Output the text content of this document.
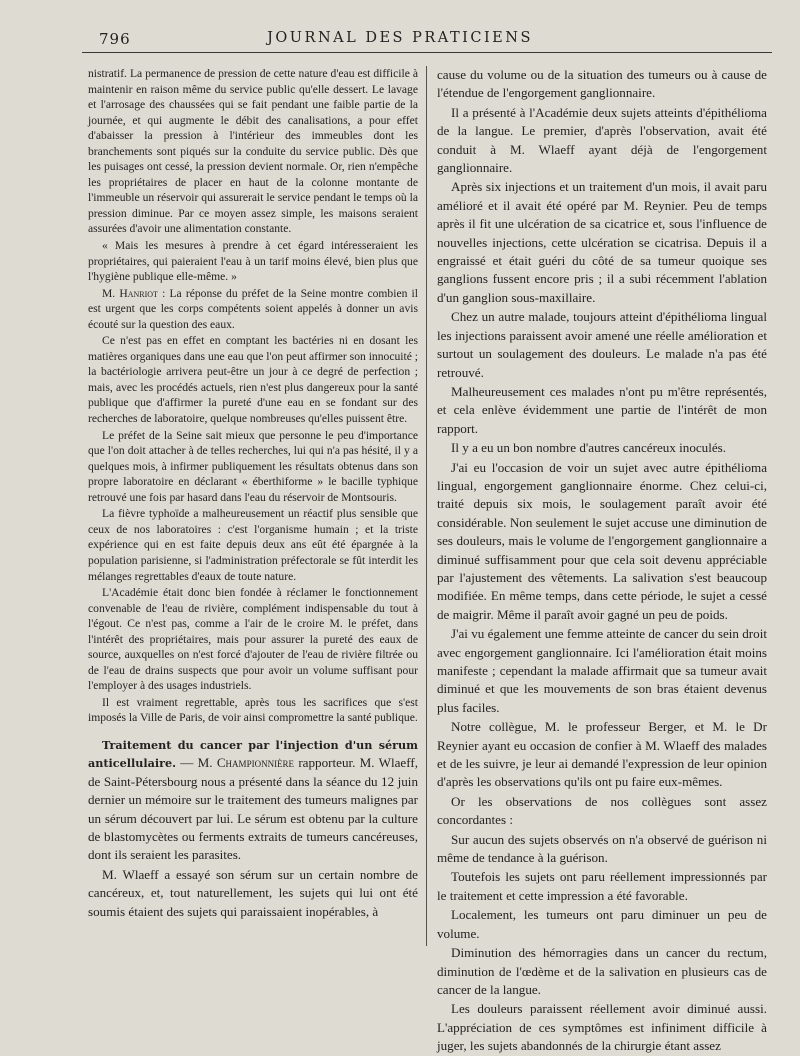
JOURNAL DES PRATICIENS
796

nistratif. La permanence de pression de cette nature d'eau est difficile à maintenir en raison même du service public qu'elle dessert. Le lavage et l'arrosage des chaussées qui se fait pendant une faible partie de la journée, et qui augmente le débit des canalisations, a pour effet d'abaisser la pression à l'intérieur des immeubles dont les branchements sont piqués sur la conduite du service public. Dès que les puisages ont cessé, la pression devient normale. Or, rien n'empêche les propriétaires de placer en haut de la colonne montante de l'immeuble un réservoir qui assurerait le service pendant le temps où la pression diminue. Par ce moyen assez simple, les maisons seraient assurées d'avoir une alimentation constante.

« Mais les mesures à prendre à cet égard intéresseraient les propriétaires, qui paieraient l'eau à un tarif moins élevé, bien plus que l'hygiène publique elle-même. »

M. Hanriot : La réponse du préfet de la Seine montre combien il est urgent que les corps compétents soient appelés à donner un avis écouté sur la question des eaux.

Ce n'est pas en effet en comptant les bactéries ni en dosant les matières organiques dans une eau que l'on peut affirmer son innocuité ; la bactériologie arrivera peut-être un jour à ce degré de perfection ; mais, avec les procédés actuels, rien n'est plus dangereux pour la santé publique que d'affirmer la pureté d'une eau en se fondant sur des recherches de laboratoire, quelque nombreuses qu'elles puissent être.

Le préfet de la Seine sait mieux que personne le peu d'importance que l'on doit attacher à de telles recherches, lui qui n'a pas hésité, il y a quelques mois, à infirmer publiquement les résultats obtenus dans son propre laboratoire en déclarant « éberthiforme » le bacille typhique retrouvé une fois par hasard dans l'eau du réservoir de Montsouris.

La fièvre typhoïde a malheureusement un réactif plus sensible que ceux de nos laboratoires : c'est l'organisme humain ; et la triste expérience qui en est faite depuis deux ans eût été épargnée à la population parisienne, si l'administration préfectorale se fût interdit les mélanges regrettables d'eaux de toute nature.

L'Académie était donc bien fondée à réclamer le fonctionnement convenable de l'eau de rivière, complément indispensable du tout à l'égout. Ce n'est pas, comme a l'air de le croire M. le préfet, dans l'intérêt des propriétaires, mais pour assurer la pureté des eaux de source, auxquelles on n'est forcé d'ajouter de l'eau de rivière filtrée ou de l'eau de drains suspects que pour avoir un volume suffisant pour l'employer à des usages industriels.

Il est vraiment regrettable, après tous les sacrifices que s'est imposés la Ville de Paris, de voir ainsi compromettre la santé publique.

Traitement du cancer par l'injection d'un sérum anticellulaire. — M. Championnière rapporteur. M. Wlaeff, de Saint-Pétersbourg nous a présenté dans la séance du 12 juin dernier un mémoire sur le traitement des tumeurs malignes par un sérum découvert par lui. Le sérum est obtenu par la culture de blastomycètes ou ferments extraits de tumeurs cancéreuses, dont ils seraient les parasites.

M. Wlaeff a essayé son sérum sur un certain nombre de cancéreux, et, tout naturellement, les sujets qui lui ont été soumis étaient des sujets qui paraissaient inopérables, à

cause du volume ou de la situation des tumeurs ou à cause de l'étendue de l'engorgement ganglionnaire.

Il a présenté à l'Académie deux sujets atteints d'épithélioma de la langue. Le premier, d'après l'observation, avait été conduit à M. Wlaeff ayant déjà de l'engorgement ganglionnaire.

Après six injections et un traitement d'un mois, il avait paru amélioré et il avait été opéré par M. Reynier. Peu de temps après il fit une ulcération de sa cicatrice et, sous l'influence de nouvelles injections, cette ulcération se cicatrisa. Depuis il a engraissé et était guéri du côté de sa tumeur quoique ses ganglions fussent encore pris ; il a subi récemment l'ablation d'un ganglion sous-maxillaire.

Chez un autre malade, toujours atteint d'épithélioma lingual les injections paraissent avoir amené une réelle amélioration et surtout un soulagement des douleurs. Le malade n'a pas été retrouvé.

Malheureusement ces malades n'ont pu m'être représentés, et cela enlève évidemment une partie de l'intérêt de mon rapport.

Il y a eu un bon nombre d'autres cancéreux inoculés.

J'ai eu l'occasion de voir un sujet avec autre épithélioma lingual, engorgement ganglionnaire énorme. Chez celui-ci, traité depuis six mois, le soulagement paraît avoir été considérable. Non seulement le sujet accuse une diminution de ses douleurs, mais le volume de l'engorgement ganglionnaire a diminué suffisamment pour que cela soit devenu appréciable par l'ajustement des vêtements. La salivation s'est beaucoup modifiée. En même temps, dans cette période, le sujet a cessé de maigrir. Même il paraît avoir gagné un peu de poids.

J'ai vu également une femme atteinte de cancer du sein droit avec engorgement ganglionnaire. Ici l'amélioration était moins manifeste ; cependant la malade affirmait que sa tumeur avait diminué et que les mouvements de son bras étaient devenus plus faciles.

Notre collègue, M. le professeur Berger, et M. le Dr Reynier ayant eu occasion de confier à M. Wlaeff des malades et de les suivre, je leur ai demandé l'expression de leur opinion d'après les observations qu'ils ont pu faire eux-mêmes.

Or les observations de nos collègues sont assez concordantes :

Sur aucun des sujets observés on n'a observé de guérison ni même de tendance à la guérison.

Toutefois les sujets ont paru réellement impressionnés par le traitement et cette impression a été favorable.

Localement, les tumeurs ont paru diminuer un peu de volume.

Diminution des hémorragies dans un cancer du rectum, diminution de l'œdème et de la salivation en plusieurs cas de cancer de la langue.

Les douleurs paraissent réellement avoir diminué aussi. L'appréciation de ces symptômes est infiniment difficile à juger, les sujets abandonnés de la chirurgie étant assez
